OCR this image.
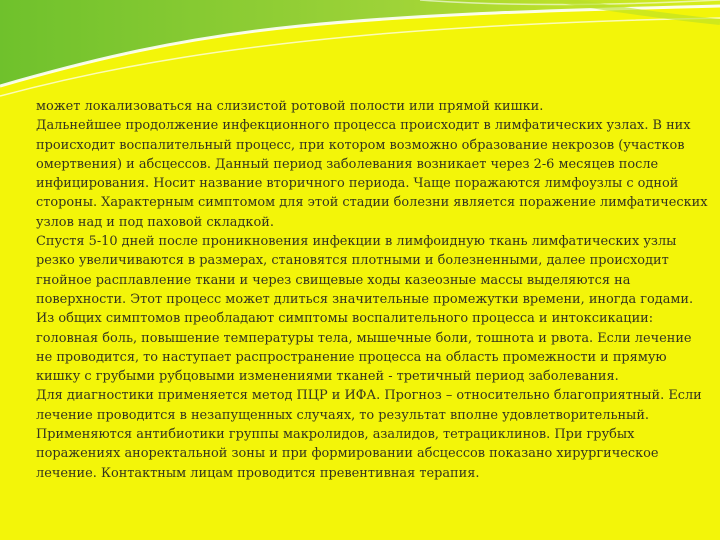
может локализоваться на слизистой ротовой полости или прямой кишки.

Дальнейшее продолжение инфекционного процесса происходит в лимфатических узлах. В них происходит воспалительный процесс, при котором возможно образование некрозов (участков омертвения) и абсцессов. Данный период заболевания возникает через 2-6 месяцев после инфицирования. Носит название вторичного периода. Чаще поражаются лимфоузлы с одной стороны. Характерным симптомом для этой стадии болезни является поражение лимфатических узлов над и под паховой складкой.

Спустя 5-10 дней после проникновения инфекции в лимфоидную ткань лимфатических узлы резко увеличиваются в размерах, становятся плотными и болезненными, далее происходит гнойное расплавление ткани и через свищевые ходы казеозные массы выделяются на поверхности. Этот процесс может длиться значительные промежутки времени, иногда годами.

Из общих симптомов преобладают симптомы воспалительного процесса и интоксикации: головная боль, повышение температуры тела, мышечные боли, тошнота и рвота. Если лечение не проводится, то наступает распространение процесса на область промежности и прямую кишку с грубыми рубцовыми изменениями тканей - третичный период заболевания.

Для диагностики применяется метод ПЦР и ИФА. Прогноз – относительно благоприятный. Если лечение проводится в незапущенных случаях, то результат вполне удовлетворительный. Применяются антибиотики группы макролидов, азалидов, тетрациклинов. При грубых поражениях аноректальной зоны и при формировании абсцессов показано хирургическое лечение. Контактным лицам проводится превентивная терапия.
